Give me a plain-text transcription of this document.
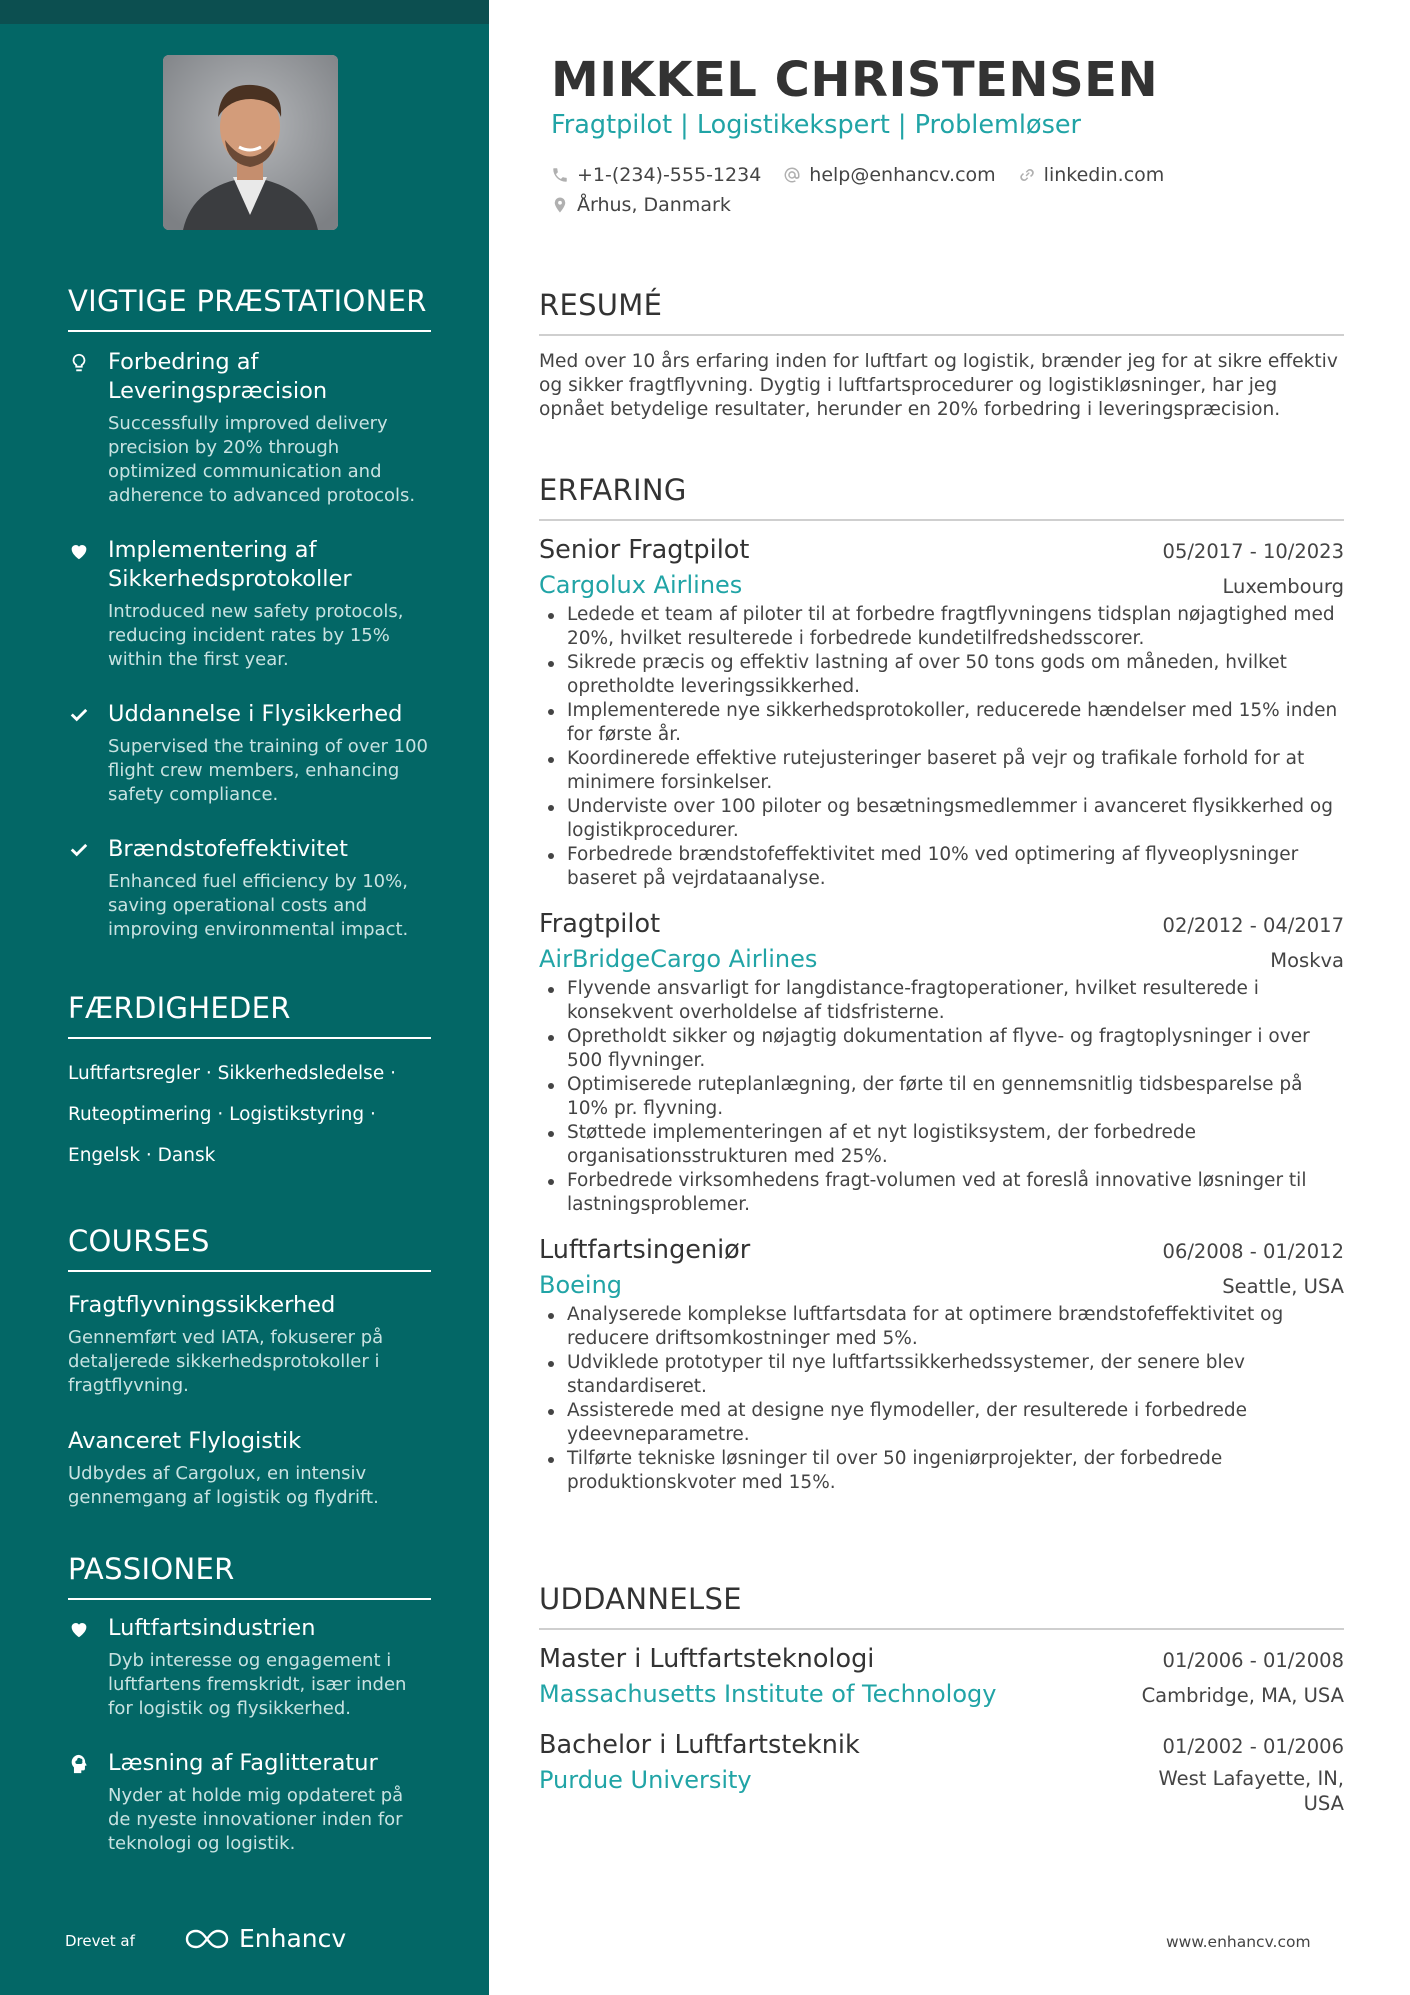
VIGTIGE PRÆSTATIONER
Forbedring af Leveringspræcision
Successfully improved delivery precision by 20% through optimized communication and adherence to advanced protocols.
Implementering af Sikkerhedsprotokoller
Introduced new safety protocols, reducing incident rates by 15% within the first year.
Uddannelse i Flysikkerhed
Supervised the training of over 100 flight crew members, enhancing safety compliance.
Brændstofeffektivitet
Enhanced fuel efficiency by 10%, saving operational costs and improving environmental impact.
FÆRDIGHEDER
Luftfartsregler · Sikkerhedsledelse ·
Ruteoptimering · Logistikstyring ·
Engelsk · Dansk
COURSES
Fragtflyvningssikkerhed
Gennemført ved IATA, fokuserer på detaljerede sikkerhedsprotokoller i fragtflyvning.
Avanceret Flylogistik
Udbydes af Cargolux, en intensiv gennemgang af logistik og flydrift.
PASSIONER
Luftfartsindustrien
Dyb interesse og engagement i luftfartens fremskridt, især inden for logistik og flysikkerhed.
Læsning af Faglitteratur
Nyder at holde mig opdateret på de nyeste innovationer inden for teknologi og logistik.
Drevet af	Enhancv
MIKKEL CHRISTENSEN
Fragtpilot | Logistikekspert | Problemløser
+1-(234)-555-1234	help@enhancv.com	linkedin.com
Århus, Danmark
RESUMÉ
Med over 10 års erfaring inden for luftfart og logistik, brænder jeg for at sikre effektiv og sikker fragtflyvning. Dygtig i luftfartsprocedurer og logistikløsninger, har jeg opnået betydelige resultater, herunder en 20% forbedring i leveringspræcision.
ERFARING
Senior Fragtpilot	05/2017 - 10/2023
Cargolux Airlines	Luxembourg
Ledede et team af piloter til at forbedre fragtflyvningens tidsplan nøjagtighed med 20%, hvilket resulterede i forbedrede kundetilfredshedsscorer.
Sikrede præcis og effektiv lastning af over 50 tons gods om måneden, hvilket opretholdte leveringssikkerhed.
Implementerede nye sikkerhedsprotokoller, reducerede hændelser med 15% inden for første år.
Koordinerede effektive rutejusteringer baseret på vejr og trafikale forhold for at minimere forsinkelser.
Underviste over 100 piloter og besætningsmedlemmer i avanceret flysikkerhed og logistikprocedurer.
Forbedrede brændstofeffektivitet med 10% ved optimering af flyveoplysninger baseret på vejrdataanalyse.
Fragtpilot	02/2012 - 04/2017
AirBridgeCargo Airlines	Moskva
Flyvende ansvarligt for langdistance-fragtoperationer, hvilket resulterede i konsekvent overholdelse af tidsfristerne.
Opretholdt sikker og nøjagtig dokumentation af flyve- og fragtoplysninger i over 500 flyvninger.
Optimiserede ruteplanlægning, der førte til en gennemsnitlig tidsbesparelse på 10% pr. flyvning.
Støttede implementeringen af et nyt logistiksystem, der forbedrede organisationsstrukturen med 25%.
Forbedrede virksomhedens fragt-volumen ved at foreslå innovative løsninger til lastningsproblemer.
Luftfartsingeniør	06/2008 - 01/2012
Boeing	Seattle, USA
Analyserede komplekse luftfartsdata for at optimere brændstofeffektivitet og reducere driftsomkostninger med 5%.
Udviklede prototyper til nye luftfartssikkerhedssystemer, der senere blev standardiseret.
Assisterede med at designe nye flymodeller, der resulterede i forbedrede ydeevneparametre.
Tilførte tekniske løsninger til over 50 ingeniørprojekter, der forbedrede produktionskvoter med 15%.
UDDANNELSE
Master i Luftfartsteknologi	01/2006 - 01/2008
Massachusetts Institute of Technology	Cambridge, MA, USA
Bachelor i Luftfartsteknik	01/2002 - 01/2006
Purdue University	West Lafayette, IN, USA
www.enhancv.com
